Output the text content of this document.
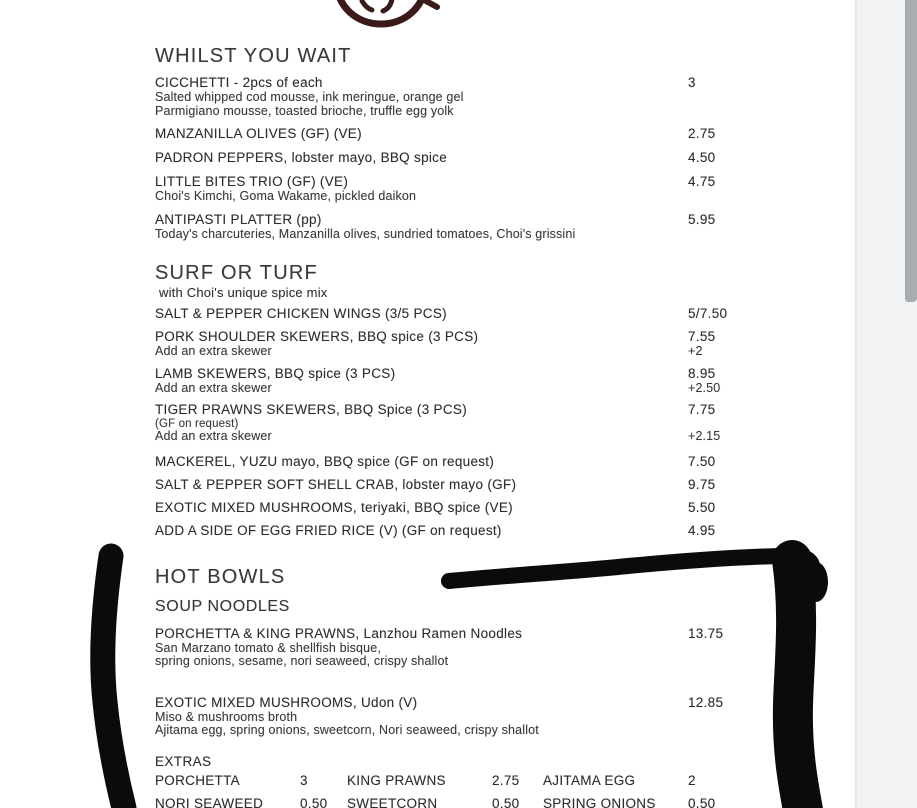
WHILST YOU WAIT
CICCHETTI - 2pcs of each	3
Salted whipped cod mousse, ink meringue, orange gel
Parmigiano mousse, toasted brioche, truffle egg yolk
MANZANILLA OLIVES (GF) (VE)	2.75
PADRON PEPPERS, lobster mayo, BBQ spice	4.50
LITTLE BITES TRIO (GF) (VE)	4.75
Choi's Kimchi, Goma Wakame, pickled daikon
ANTIPASTI PLATTER (pp)	5.95
Today's charcuteries, Manzanilla olives, sundried tomatoes, Choi's grissini
SURF OR TURF
with Choi's unique spice mix
SALT & PEPPER CHICKEN WINGS (3/5 PCS)	5/7.50
PORK SHOULDER SKEWERS, BBQ spice (3 PCS)	7.55
Add an extra skewer	+2
LAMB SKEWERS, BBQ spice (3 PCS)	8.95
Add an extra skewer	+2.50
TIGER PRAWNS SKEWERS, BBQ Spice (3 PCS)	7.75
(GF on request)
Add an extra skewer	+2.15
MACKEREL, YUZU mayo, BBQ spice (GF on request)	7.50
SALT & PEPPER SOFT SHELL CRAB, lobster mayo (GF)	9.75
EXOTIC MIXED MUSHROOMS, teriyaki, BBQ spice (VE)	5.50
ADD A SIDE OF EGG FRIED RICE (V) (GF on request)	4.95
HOT BOWLS
SOUP NOODLES
PORCHETTA & KING PRAWNS, Lanzhou Ramen Noodles	13.75
San Marzano tomato & shellfish bisque,
spring onions, sesame, nori seaweed, crispy shallot
EXOTIC MIXED MUSHROOMS, Udon (V)	12.85
Miso & mushrooms broth
Ajitama egg, spring onions, sweetcorn, Nori seaweed, crispy shallot
EXTRAS
PORCHETTA	3	KING PRAWNS	2.75 AJITAMA EGG	2
NORI SEAWEED	0.50 SWEETCORN	0.50 SPRING ONIONS 0.50
